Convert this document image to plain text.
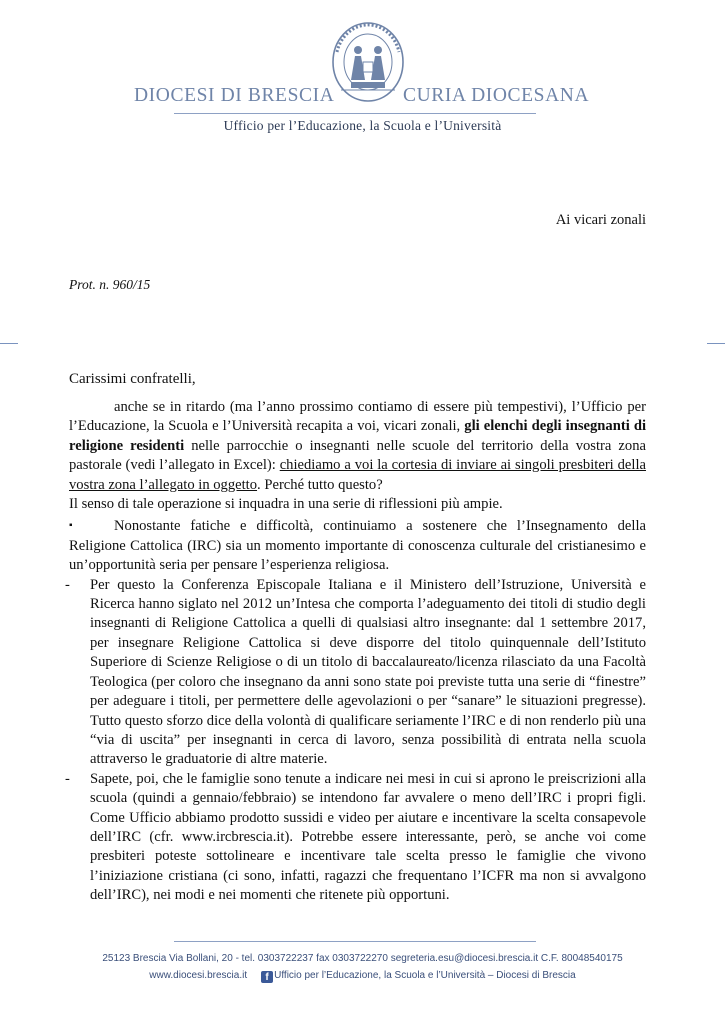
DIOCESI DI BRESCIA	CURIA DIOCESANA
Ufficio per l’Educazione, la Scuola e l’Università
Ai vicari zonali
Prot. n. 960/15
Carissimi confratelli,

anche se in ritardo (ma l’anno prossimo contiamo di essere più tempestivi), l’Ufficio per l’Educazione, la Scuola e l’Università recapita a voi, vicari zonali, gli elenchi degli insegnanti di religione residenti nelle parrocchie o insegnanti nelle scuole del territorio della vostra zona pastorale (vedi l’allegato in Excel): chiediamo a voi la cortesia di inviare ai singoli presbiteri della vostra zona l’allegato in oggetto. Perché tutto questo?

Il senso di tale operazione si inquadra in una serie di riflessioni più ampie.

▪	Nonostante fatiche e difficoltà, continuiamo a sostenere che l’Insegnamento della Religione Cattolica (IRC) sia un momento importante di conoscenza culturale del cristianesimo e un’opportunità seria per pensare l’esperienza religiosa.

- Per questo la Conferenza Episcopale Italiana e il Ministero dell’Istruzione, Università e Ricerca hanno siglato nel 2012 un’Intesa che comporta l’adeguamento dei titoli di studio degli insegnanti di Religione Cattolica a quelli di qualsiasi altro insegnante: dal 1 settembre 2017, per insegnare Religione Cattolica si deve disporre del titolo quinquennale dell’Istituto Superiore di Scienze Religiose o di un titolo di baccalaureato/licenza rilasciato da una Facoltà Teologica (per coloro che insegnano da anni sono state poi previste tutta una serie di “finestre” per adeguare i titoli, per permettere delle agevolazioni o per “sanare” le situazioni pregresse). Tutto questo sforzo dice della volontà di qualificare seriamente l’IRC e di non renderlo più una “via di uscita” per insegnanti in cerca di lavoro, senza possibilità di entrata nella scuola attraverso le graduatorie di altre materie.

- Sapete, poi, che le famiglie sono tenute a indicare nei mesi in cui si aprono le preiscrizioni alla scuola (quindi a gennaio/febbraio) se intendono far avvalere o meno dell’IRC i propri figli. Come Ufficio abbiamo prodotto sussidi e video per aiutare e incentivare la scelta consapevole dell’IRC (cfr. www.ircbrescia.it). Potrebbe essere interessante, però, se anche voi come presbiteri poteste sottolineare e incentivare tale scelta presso le famiglie che vivono l’iniziazione cristiana (ci sono, infatti, ragazzi che frequentano l’ICFR ma non si avvalgono dell’IRC), nei modi e nei momenti che ritenete più opportuni.

25123 Brescia Via Bollani, 20 - tel. 0303722237 fax 0303722270 segreteria.esu@diocesi.brescia.it C.F. 80048540175
www.diocesi.brescia.it f Ufficio per l’Educazione, la Scuola e l’Università – Diocesi di Brescia
